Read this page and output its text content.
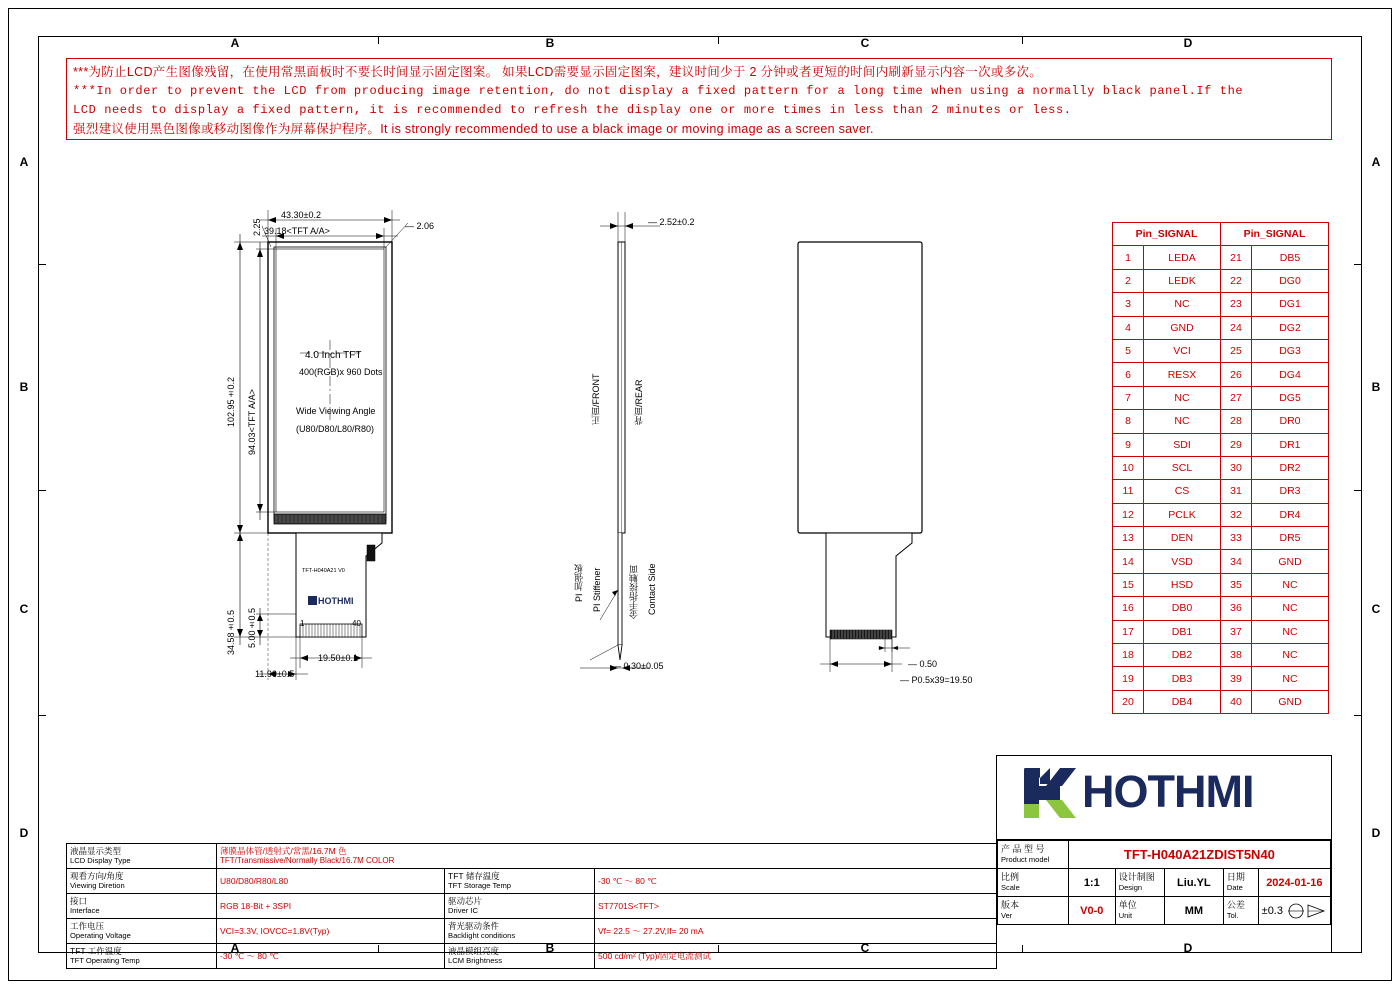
A	B	C	D
A	B	C	D
A
B
C
D
A
B
C
D

***为防止LCD产生图像残留，在使用常黑面板时不要长时间显示固定图案。 如果LCD需要显示固定图案，建议时间少于 2 分钟或者更短的时间内刷新显示内容一次或多次。

***In order to prevent the LCD from producing image retention, do not display a fixed pattern for a long time when using a normally black panel.If the

LCD needs to display a fixed pattern, it is recommended to refresh the display one or more times in less than 2 minutes or less.

强烈建议使用黑色图像或移动图像作为屏幕保护程序。It is strongly recommended to use a black image or moving image as a screen saver.

43.30±0.2
39.18<TFT A/A>	— 2.06
2.25
102.95±0.2 94.03<TFT A/A>
34.58±0.5 5.00±0.5
4.0 Inch TFT
400(RGB)x 960 Dots
Wide Viewing Angle
(U80/D80/L80/R80)
TFT-H040A21 V0
HOTHMI
1	40
19.50±0.1
11.90±0.5
— 2.52±0.2
正面/FRONT	背面/REAR
PI 加强板 PI Stiffener	金手指接触面 Contact Side
— 0.30±0.05	— 0.50
— P0.5x39=19.50
Pin_SIGNAL		Pin_SIGNAL	
1	LEDA	21	DB5
2	LEDK	22	DG0
3	NC	23	DG1
4	GND	24	DG2
5	VCI	25	DG3
6	RESX	26	DG4
7	NC	27	DG5
8	NC	28	DR0
9	SDI	29	DR1
10	SCL	30	DR2
11	CS	31	DR3
12	PCLK	32	DR4
13	DEN	33	DR5
14	VSD	34	GND
15	HSD	35	NC
16	DB0	36	NC
17	DB1	37	NC
18	DB2	38	NC
19	DB3	39	NC
20	DB4	40	GND
液晶显示类型
LCD Display Type	薄膜晶体管/透射式/常黑/16.7M 色
TFT/Transmissive/Normally Black/16.7M COLOR		

观看方向/角度
Viewing Diretion	U80/D80/R80/L80	TFT 储存温度
TFT Storage Temp	-30 ℃ ～ 80 ℃

接口
Interface	RGB 18-Bit + 3SPI	驱动芯片
Driver IC	ST7701S<TFT>

工作电压
Operating Voltage	VCI=3.3V, IOVCC=1.8V(Typ)	背光驱动条件
Backlight conditions	Vf= 22.5 ～ 27.2V,If= 20 mA

TFT 工作温度
TFT Operating Temp	-30 ℃ ～ 80 ℃	液晶模组亮度
LCM Brightness	500 cd/m² (Typ)/固定电流测试
产 品 型 号
Product model	TFT-H040A21ZDIST5N40				

比例
Scale	1:1	设计制图
Design	Liu.YL	日期
Date	2024-01-16

版本
Ver	V0-0	单位
Unit	MM	公差
Tol.	±0.3
HOTHMI
